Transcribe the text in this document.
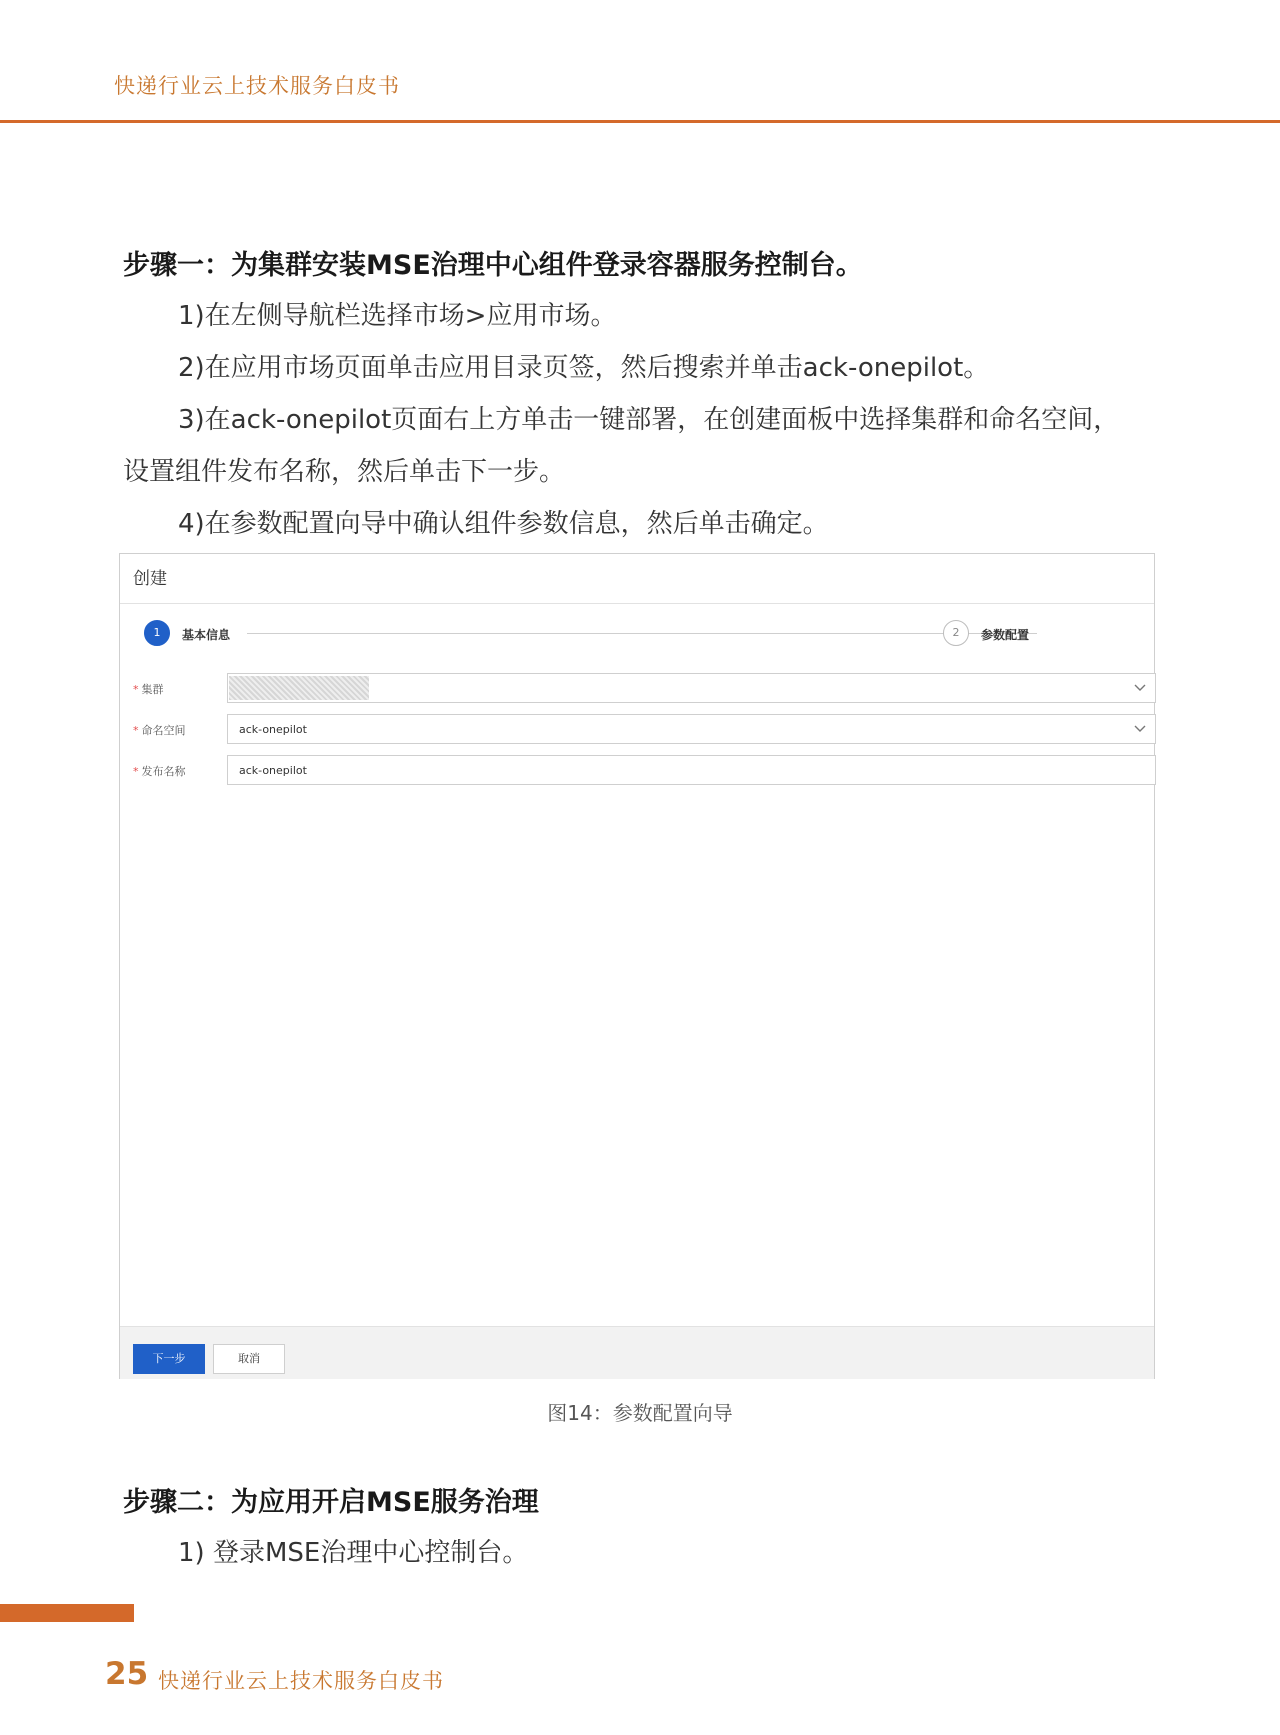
快递行业云上技术服务白皮书
步骤一：为集群安装MSE治理中心组件登录容器服务控制台。
1)在左侧导航栏选择市场>应用市场。
2)在应用市场页面单击应用目录页签，然后搜索并单击ack-onepilot。
3)在ack-onepilot页面右上方单击一键部署，在创建面板中选择集群和命名空间，
设置组件发布名称，然后单击下一步。
4)在参数配置向导中确认组件参数信息，然后单击确定。
创建
1	基本信息	2	参数配置
* 集群
* 命名空间	ack-onepilot
* 发布名称	ack-onepilot
下一步	取消
图14：参数配置向导
步骤二：为应用开启MSE服务治理
1) 登录MSE治理中心控制台。
25 快递行业云上技术服务白皮书
